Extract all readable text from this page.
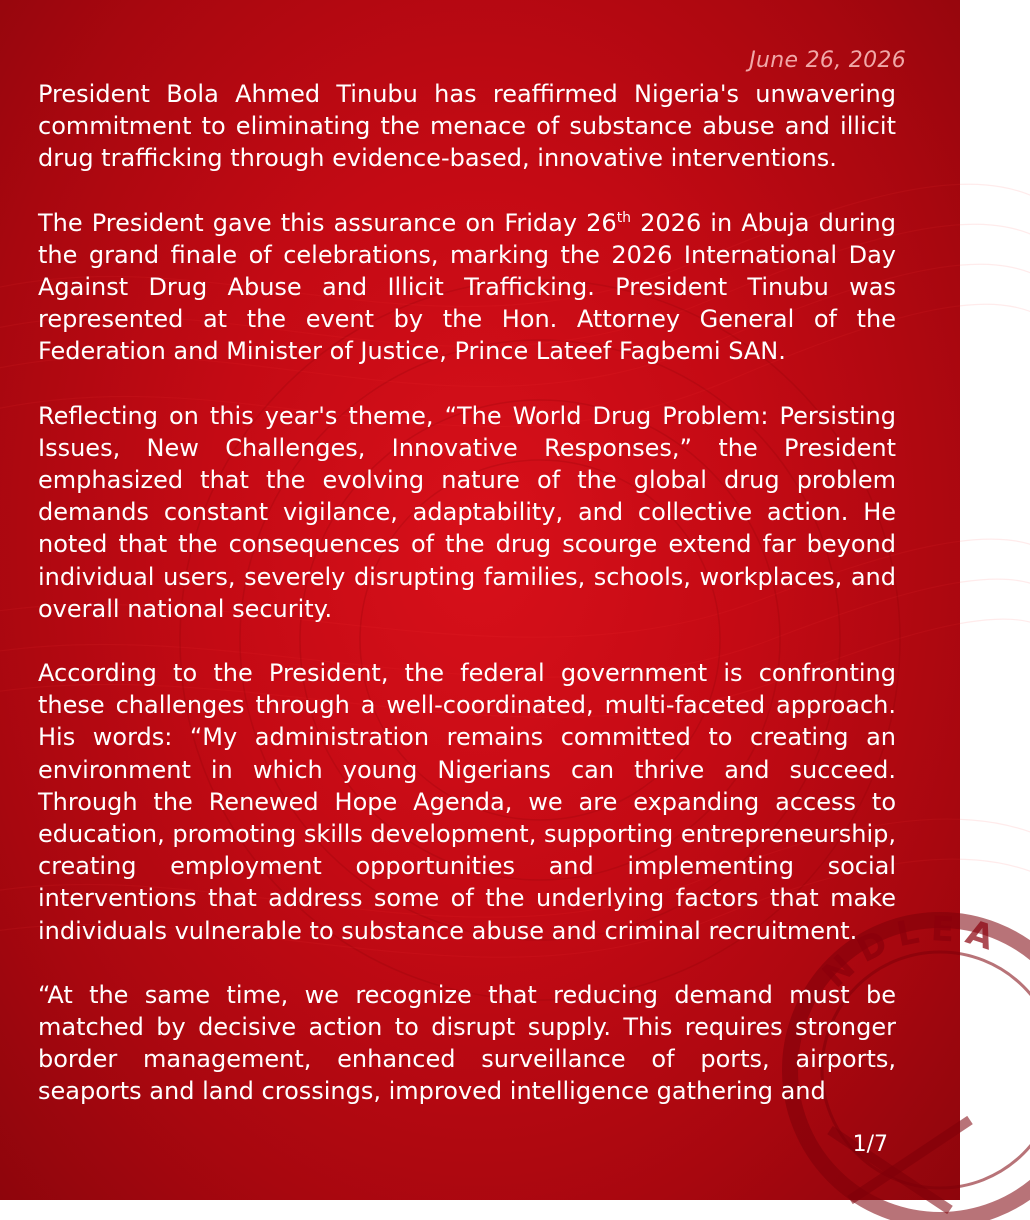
NDLEA
June 26, 2026

President Bola Ahmed Tinubu has reaffirmed Nigeria's unwavering commitment to eliminating the menace of substance abuse and illicit drug trafficking through evidence-based, innovative interventions.

The President gave this assurance on Friday 26th 2026 in Abuja during the grand finale of celebrations, marking the 2026 International Day Against Drug Abuse and Illicit Trafficking. President Tinubu was represented at the event by the Hon. Attorney General of the Federation and Minister of Justice, Prince Lateef Fagbemi SAN.

Reflecting on this year's theme, “The World Drug Problem: Persisting Issues, New Challenges, Innovative Responses,” the President emphasized that the evolving nature of the global drug problem demands constant vigilance, adaptability, and collective action. He noted that the consequences of the drug scourge extend far beyond individual users, severely disrupting families, schools, workplaces, and overall national security.

According to the President, the federal government is confronting these challenges through a well-coordinated, multi-faceted approach. His words: “My administration remains committed to creating an environment in which young Nigerians can thrive and succeed. Through the Renewed Hope Agenda, we are expanding access to education, promoting skills development, supporting entrepreneurship, creating employment opportunities and implementing social interventions that address some of the underlying factors that make individuals vulnerable to substance abuse and criminal recruitment.

“At the same time, we recognize that reducing demand must be matched by decisive action to disrupt supply. This requires stronger border management, enhanced surveillance of ports, airports, seaports and land crossings, improved intelligence gathering and

1/7
